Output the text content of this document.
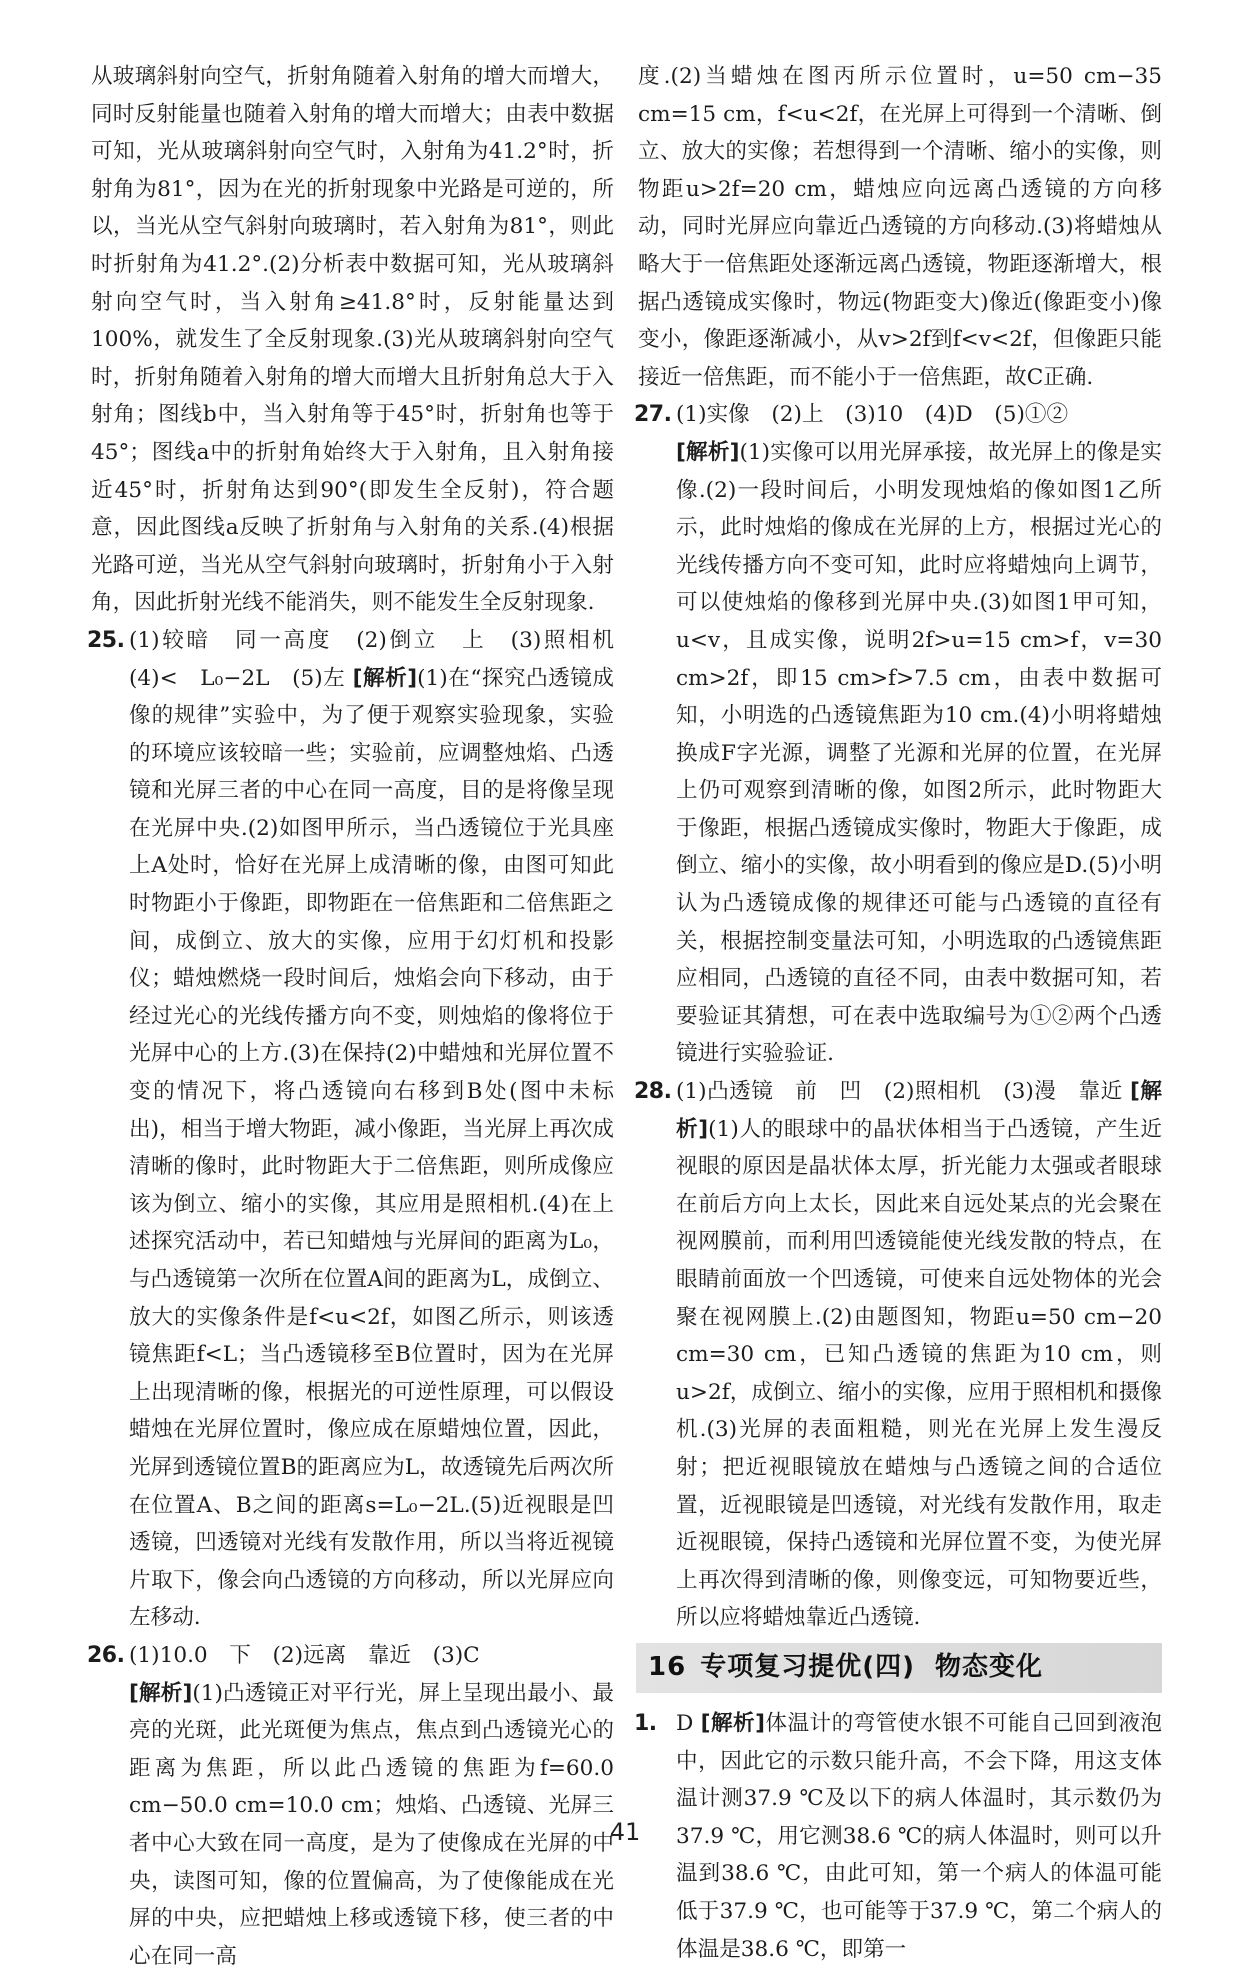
从玻璃斜射向空气，折射角随着入射角的增大而增大，同时反射能量也随着入射角的增大而增大；由表中数据可知，光从玻璃斜射向空气时，入射角为41.2°时，折射角为81°，因为在光的折射现象中光路是可逆的，所以，当光从空气斜射向玻璃时，若入射角为81°，则此时折射角为41.2°.(2)分析表中数据可知，光从玻璃斜射向空气时，当入射角≥41.8°时，反射能量达到100%，就发生了全反射现象.(3)光从玻璃斜射向空气时，折射角随着入射角的增大而增大且折射角总大于入射角；图线b中，当入射角等于45°时，折射角也等于45°；图线a中的折射角始终大于入射角，且入射角接近45°时，折射角达到90°(即发生全反射)，符合题意，因此图线a反映了折射角与入射角的关系.(4)根据光路可逆，当光从空气斜射向玻璃时，折射角小于入射角，因此折射光线不能消失，则不能发生全反射现象.

25. (1)较暗　同一高度　(2)倒立　上　(3)照相机　(4)<　L₀−2L　(5)左 [解析](1)在“探究凸透镜成像的规律”实验中，为了便于观察实验现象，实验的环境应该较暗一些；实验前，应调整烛焰、凸透镜和光屏三者的中心在同一高度，目的是将像呈现在光屏中央.(2)如图甲所示，当凸透镜位于光具座上A处时，恰好在光屏上成清晰的像，由图可知此时物距小于像距，即物距在一倍焦距和二倍焦距之间，成倒立、放大的实像，应用于幻灯机和投影仪；蜡烛燃烧一段时间后，烛焰会向下移动，由于经过光心的光线传播方向不变，则烛焰的像将位于光屏中心的上方.(3)在保持(2)中蜡烛和光屏位置不变的情况下，将凸透镜向右移到B处(图中未标出)，相当于增大物距，减小像距，当光屏上再次成清晰的像时，此时物距大于二倍焦距，则所成像应该为倒立、缩小的实像，其应用是照相机.(4)在上述探究活动中，若已知蜡烛与光屏间的距离为L₀，与凸透镜第一次所在位置A间的距离为L，成倒立、放大的实像条件是f<u<2f，如图乙所示，则该透镜焦距f<L；当凸透镜移至B位置时，因为在光屏上出现清晰的像，根据光的可逆性原理，可以假设蜡烛在光屏位置时，像应成在原蜡烛位置，因此，光屏到透镜位置B的距离应为L，故透镜先后两次所在位置A、B之间的距离s=L₀−2L.(5)近视眼是凹透镜，凹透镜对光线有发散作用，所以当将近视镜片取下，像会向凸透镜的方向移动，所以光屏应向左移动.
26. (1)10.0　下　(2)远离　靠近　(3)C
[解析](1)凸透镜正对平行光，屏上呈现出最小、最亮的光斑，此光斑便为焦点，焦点到凸透镜光心的距离为焦距，所以此凸透镜的焦距为f=60.0 cm−50.0 cm=10.0 cm；烛焰、凸透镜、光屏三者中心大致在同一高度，是为了使像成在光屏的中央，读图可知，像的位置偏高，为了使像能成在光屏的中央，应把蜡烛上移或透镜下移，使三者的中心在同一高

度.(2)当蜡烛在图丙所示位置时，u=50 cm−35 cm=15 cm，f<u<2f，在光屏上可得到一个清晰、倒立、放大的实像；若想得到一个清晰、缩小的实像，则物距u>2f=20 cm，蜡烛应向远离凸透镜的方向移动，同时光屏应向靠近凸透镜的方向移动.(3)将蜡烛从略大于一倍焦距处逐渐远离凸透镜，物距逐渐增大，根据凸透镜成实像时，物远(物距变大)像近(像距变小)像变小，像距逐渐减小，从v>2f到f<v<2f，但像距只能接近一倍焦距，而不能小于一倍焦距，故C正确.

27. (1)实像　(2)上　(3)10　(4)D　(5)①②
[解析](1)实像可以用光屏承接，故光屏上的像是实像.(2)一段时间后，小明发现烛焰的像如图1乙所示，此时烛焰的像成在光屏的上方，根据过光心的光线传播方向不变可知，此时应将蜡烛向上调节，可以使烛焰的像移到光屏中央.(3)如图1甲可知，u<v，且成实像，说明2f>u=15 cm>f，v=30 cm>2f，即15 cm>f>7.5 cm，由表中数据可知，小明选的凸透镜焦距为10 cm.(4)小明将蜡烛换成F字光源，调整了光源和光屏的位置，在光屏上仍可观察到清晰的像，如图2所示，此时物距大于像距，根据凸透镜成实像时，物距大于像距，成倒立、缩小的实像，故小明看到的像应是D.(5)小明认为凸透镜成像的规律还可能与凸透镜的直径有关，根据控制变量法可知，小明选取的凸透镜焦距应相同，凸透镜的直径不同，由表中数据可知，若要验证其猜想，可在表中选取编号为①②两个凸透镜进行实验验证.
28. (1)凸透镜　前　凹　(2)照相机　(3)漫　靠近 [解析](1)人的眼球中的晶状体相当于凸透镜，产生近视眼的原因是晶状体太厚，折光能力太强或者眼球在前后方向上太长，因此来自远处某点的光会聚在视网膜前，而利用凹透镜能使光线发散的特点，在眼睛前面放一个凹透镜，可使来自远处物体的光会聚在视网膜上.(2)由题图知，物距u=50 cm−20 cm=30 cm，已知凸透镜的焦距为10 cm，则u>2f，成倒立、缩小的实像，应用于照相机和摄像机.(3)光屏的表面粗糙，则光在光屏上发生漫反射；把近视眼镜放在蜡烛与凸透镜之间的合适位置，近视眼镜是凹透镜，对光线有发散作用，取走近视眼镜，保持凸透镜和光屏位置不变，为使光屏上再次得到清晰的像，则像变远，可知物要近些，所以应将蜡烛靠近凸透镜.
16 专项复习提优(四) 物态变化
1. D [解析]体温计的弯管使水银不可能自己回到液泡中，因此它的示数只能升高，不会下降，用这支体温计测37.9 ℃及以下的病人体温时，其示数仍为37.9 ℃，用它测38.6 ℃的病人体温时，则可以升温到38.6 ℃，由此可知，第一个病人的体温可能低于37.9 ℃，也可能等于37.9 ℃，第二个病人的体温是38.6 ℃，即第一
41
